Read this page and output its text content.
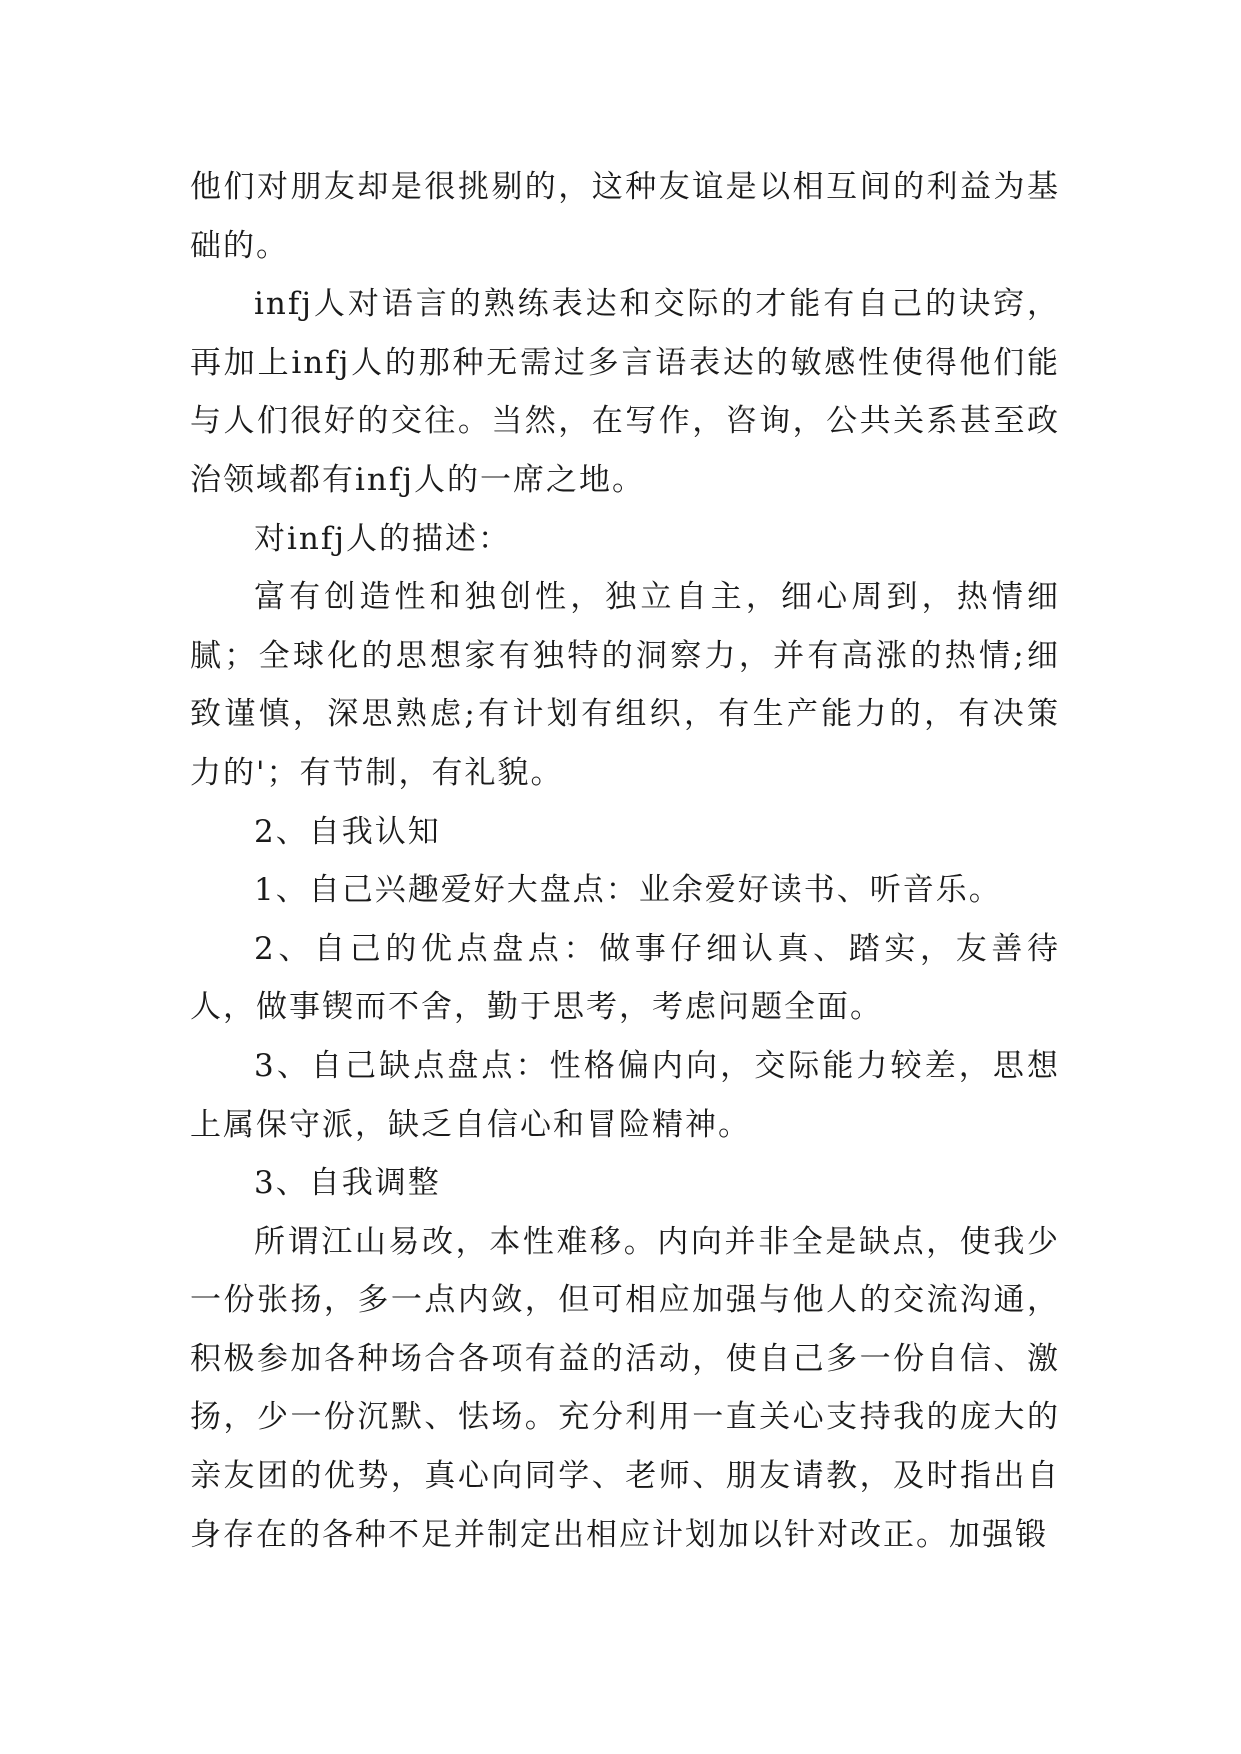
他们对朋友却是很挑剔的，这种友谊是以相互间的利益为基础的。

infj人对语言的熟练表达和交际的才能有自己的诀窍，再加上infj人的那种无需过多言语表达的敏感性使得他们能与人们很好的交往。当然，在写作，咨询，公共关系甚至政治领域都有infj人的一席之地。

对infj人的描述：

富有创造性和独创性，独立自主，细心周到，热情细腻；全球化的思想家有独特的洞察力，并有高涨的热情;细致谨慎，深思熟虑;有计划有组织，有生产能力的，有决策力的'；有节制，有礼貌。

2、自我认知

1、自己兴趣爱好大盘点：业余爱好读书、听音乐。

2、自己的优点盘点：做事仔细认真、踏实，友善待人，做事锲而不舍，勤于思考，考虑问题全面。

3、自己缺点盘点：性格偏内向，交际能力较差，思想上属保守派，缺乏自信心和冒险精神。

3、自我调整

所谓江山易改，本性难移。内向并非全是缺点，使我少一份张扬，多一点内敛，但可相应加强与他人的交流沟通，积极参加各种场合各项有益的活动，使自己多一份自信、激扬，少一份沉默、怯场。充分利用一直关心支持我的庞大的亲友团的优势，真心向同学、老师、朋友请教，及时指出自身存在的各种不足并制定出相应计划加以针对改正。加强锻
